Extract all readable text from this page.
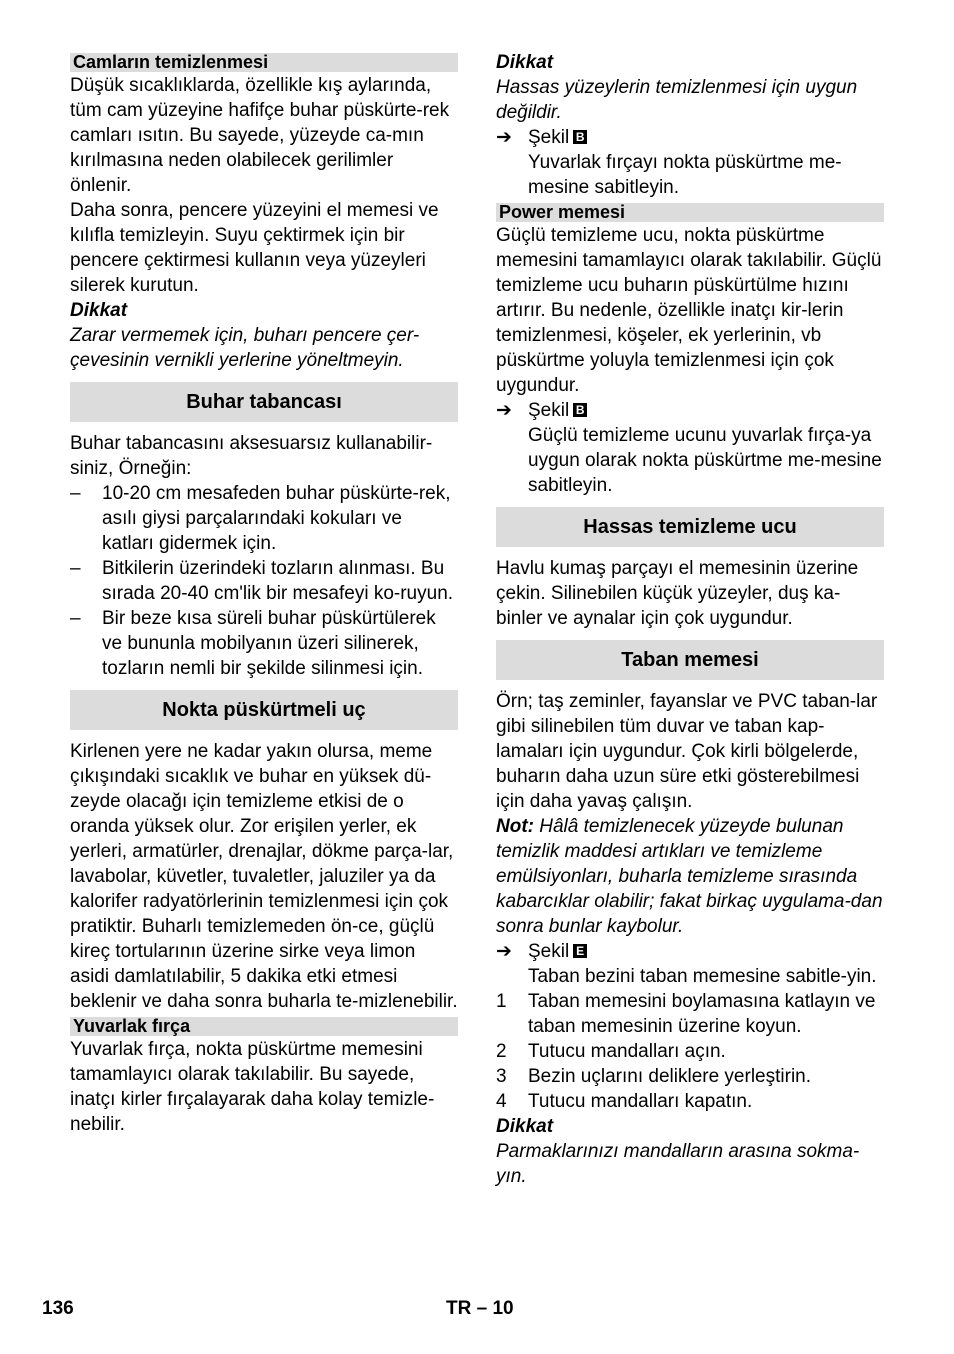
Camların temizlenmesi

Düşük sıcaklıklarda, özellikle kış aylarında, tüm cam yüzeyine hafifçe buhar püskürte-rek camları ısıtın. Bu sayede, yüzeyde ca-mın kırılmasına neden olabilecek gerilimler önlenir.

Daha sonra, pencere yüzeyini el memesi ve kılıfla temizleyin. Suyu çektirmek için bir pencere çektirmesi kullanın veya yüzeyleri silerek kurutun.

Dikkat

Zarar vermemek için, buharı pencere çer-çevesinin vernikli yerlerine yöneltmeyin.

Buhar tabancası

Buhar tabancasını aksesuarsız kullanabilir-siniz, Örneğin:

–	10-20 cm mesafeden buhar püskürte-rek, asılı giysi parçalarındaki kokuları ve katları gidermek için.
–	Bitkilerin üzerindeki tozların alınması. Bu sırada 20-40 cm'lik bir mesafeyi ko-ruyun.
–	Bir beze kısa süreli buhar püskürtülerek ve bununla mobilyanın üzeri silinerek, tozların nemli bir şekilde silinmesi için.
Nokta püskürtmeli uç

Kirlenen yere ne kadar yakın olursa, meme çıkışındaki sıcaklık ve buhar en yüksek dü-zeyde olacağı için temizleme etkisi de o oranda yüksek olur. Zor erişilen yerler, ek yerleri, armatürler, drenajlar, dökme parça-lar, lavabolar, küvetler, tuvaletler, jaluziler ya da kalorifer radyatörlerinin temizlenmesi için çok pratiktir. Buharlı temizlemeden ön-ce, güçlü kireç tortularının üzerine sirke veya limon asidi damlatılabilir, 5 dakika etki etmesi beklenir ve daha sonra buharla te-mizlenebilir.

Yuvarlak fırça

Yuvarlak fırça, nokta püskürtme memesini tamamlayıcı olarak takılabilir. Bu sayede, inatçı kirler fırçalayarak daha kolay temizle-nebilir.

Dikkat

Hassas yüzeylerin temizlenmesi için uygun değildir.

➔ Şekil B

Yuvarlak fırçayı nokta püskürtme me-mesine sabitleyin.

Power memesi

Güçlü temizleme ucu, nokta püskürtme memesini tamamlayıcı olarak takılabilir. Güçlü temizleme ucu buharın püskürtülme hızını artırır. Bu nedenle, özellikle inatçı kir-lerin temizlenmesi, köşeler, ek yerlerinin, vb püskürtme yoluyla temizlenmesi için çok uygundur.

➔ Şekil B

Güçlü temizleme ucunu yuvarlak fırça-ya uygun olarak nokta püskürtme me-mesine sabitleyin.

Hassas temizleme ucu

Havlu kumaş parçayı el memesinin üzerine çekin. Silinebilen küçük yüzeyler, duş ka-binler ve aynalar için çok uygundur.

Taban memesi

Örn; taş zeminler, fayanslar ve PVC taban-lar gibi silinebilen tüm duvar ve taban kap-lamaları için uygundur. Çok kirli bölgelerde, buharın daha uzun süre etki gösterebilmesi için daha yavaş çalışın.

Not: Hâlâ temizlenecek yüzeyde bulunan temizlik maddesi artıkları ve temizleme emülsiyonları, buharla temizleme sırasında kabarcıklar olabilir; fakat birkaç uygulama-dan sonra bunlar kaybolur.

➔ Şekil E

Taban bezini taban memesine sabitle-yin.

1	Taban memesini boylamasına katlayın ve taban memesinin üzerine koyun.
2	Tutucu mandalları açın.
3	Bezin uçlarını deliklere yerleştirin.
4	Tutucu mandalları kapatın.

Dikkat

Parmaklarınızı mandalların arasına sokma-yın.

136	TR – 10
